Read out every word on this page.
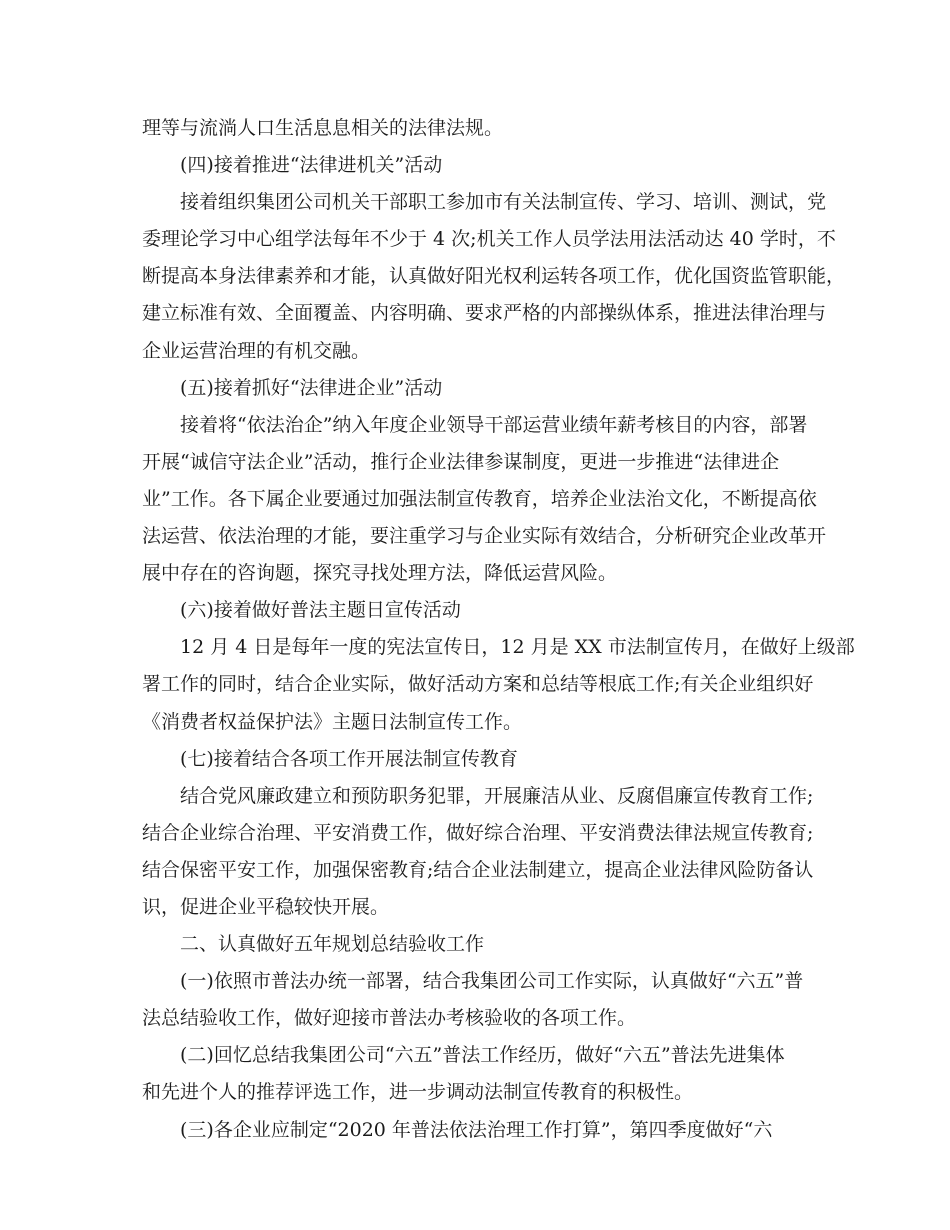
理等与流淌人口生活息息相关的法律法规。
(四)接着推进“法律进机关”活动
接着组织集团公司机关干部职工参加市有关法制宣传、学习、培训、测试，党
委理论学习中心组学法每年不少于 4 次;机关工作人员学法用法活动达 40 学时，不
断提高本身法律素养和才能，认真做好阳光权利运转各项工作，优化国资监管职能，
建立标准有效、全面覆盖、内容明确、要求严格的内部操纵体系，推进法律治理与
企业运营治理的有机交融。
(五)接着抓好“法律进企业”活动
接着将“依法治企”纳入年度企业领导干部运营业绩年薪考核目的内容，部署
开展“诚信守法企业”活动，推行企业法律参谋制度，更进一步推进“法律进企
业”工作。各下属企业要通过加强法制宣传教育，培养企业法治文化，不断提高依
法运营、依法治理的才能，要注重学习与企业实际有效结合，分析研究企业改革开
展中存在的咨询题，探究寻找处理方法，降低运营风险。
(六)接着做好普法主题日宣传活动
12 月 4 日是每年一度的宪法宣传日，12 月是 XX 市法制宣传月，在做好上级部
署工作的同时，结合企业实际，做好活动方案和总结等根底工作;有关企业组织好
《消费者权益保护法》主题日法制宣传工作。
(七)接着结合各项工作开展法制宣传教育
结合党风廉政建立和预防职务犯罪，开展廉洁从业、反腐倡廉宣传教育工作;
结合企业综合治理、平安消费工作，做好综合治理、平安消费法律法规宣传教育;
结合保密平安工作，加强保密教育;结合企业法制建立，提高企业法律风险防备认
识，促进企业平稳较快开展。
二、认真做好五年规划总结验收工作
(一)依照市普法办统一部署，结合我集团公司工作实际，认真做好“六五”普
法总结验收工作，做好迎接市普法办考核验收的各项工作。
(二)回忆总结我集团公司“六五”普法工作经历，做好“六五”普法先进集体
和先进个人的推荐评选工作，进一步调动法制宣传教育的积极性。
(三)各企业应制定“2020 年普法依法治理工作打算”，第四季度做好“六
